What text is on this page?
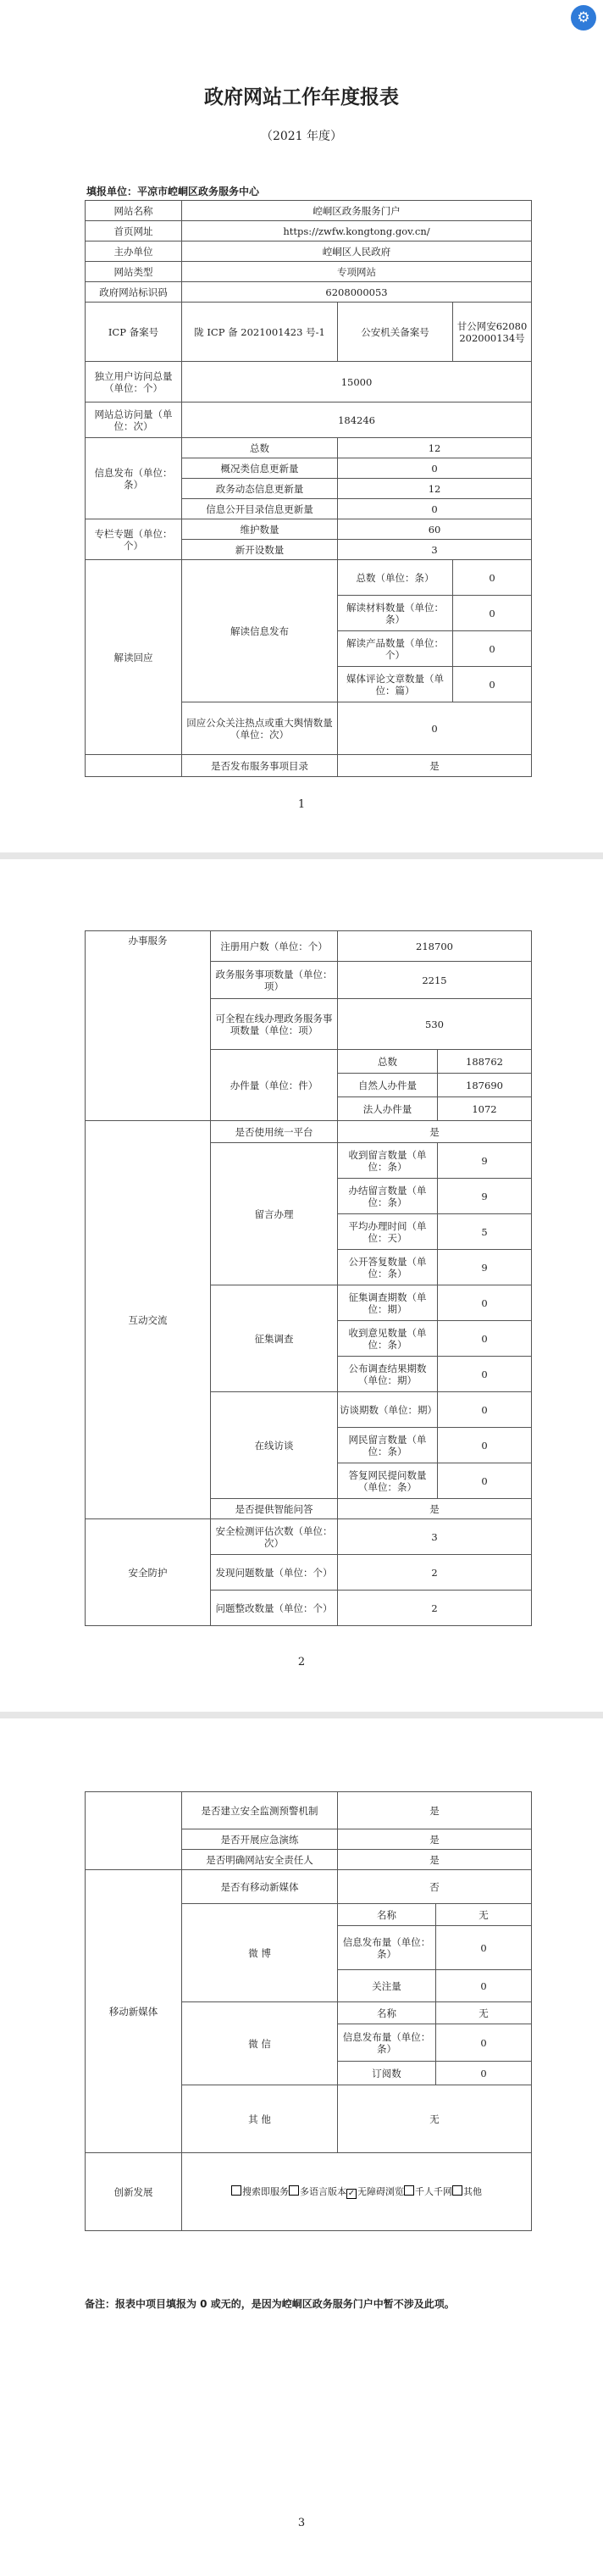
⚙
政府网站工作年度报表
（2021 年度）
填报单位：平凉市崆峒区政务服务中心
网站名称	崆峒区政务服务门户		
首页网址	https://zwfw.kongtong.gov.cn/		
主办单位	崆峒区人民政府		
网站类型	专项网站		
政府网站标识码	6208000053		
ICP 备案号	陇 ICP 备 2021001423 号-1	公安机关备案号	甘公网安62080202000134号
独立用户访问总量（单位：个）	15000		
网站总访问量（单位：次）	184246		
信息发布（单位：条）	总数	12	
	概况类信息更新量	0	
	政务动态信息更新量	12	
	信息公开目录信息更新量	0	
专栏专题（单位：个）	维护数量	60	
	新开设数量	3	
解读回应	解读信息发布	总数（单位：条）	0
		解读材料数量（单位：条）	0
		解读产品数量（单位：个）	0
		媒体评论文章数量（单位：篇）	0
	回应公众关注热点或重大舆情数量（单位：次）	0	
	是否发布服务事项目录	是	
1
办事服务	注册用户数（单位：个）	218700	
	政务服务事项数量（单位：项）	2215	
	可全程在线办理政务服务事项数量（单位：项）	530	
	办件量（单位：件）	总数	188762
		自然人办件量	187690
		法人办件量	1072
互动交流	是否使用统一平台	是	
	留言办理	收到留言数量（单位：条）	9
		办结留言数量（单位：条）	9
		平均办理时间（单位：天）	5
		公开答复数量（单位：条）	9
	征集调查	征集调查期数（单位：期）	0
		收到意见数量（单位：条）	0
		公布调查结果期数（单位：期）	0
	在线访谈	访谈期数（单位：期）	0
		网民留言数量（单位：条）	0
		答复网民提问数量（单位：条）	0
	是否提供智能问答	是	
安全防护	安全检测评估次数（单位：次）	3	
	发现问题数量（单位：个）	2	
	问题整改数量（单位：个）	2	
2
	是否建立安全监测预警机制	是	
	是否开展应急演练	是	
	是否明确网站安全责任人	是	
移动新媒体	是否有移动新媒体	否	
	微 博	名称	无
		信息发布量（单位：条）	0
		关注量	0
	微 信	名称	无
		信息发布量（单位：条）	0
		订阅数	0
	其 他	无	
创新发展	搜索即服务 多语言版本 ✓ 无障碍浏览 千人千网 其他		
备注：报表中项目填报为 0 或无的，是因为崆峒区政务服务门户中暂不涉及此项。
3
